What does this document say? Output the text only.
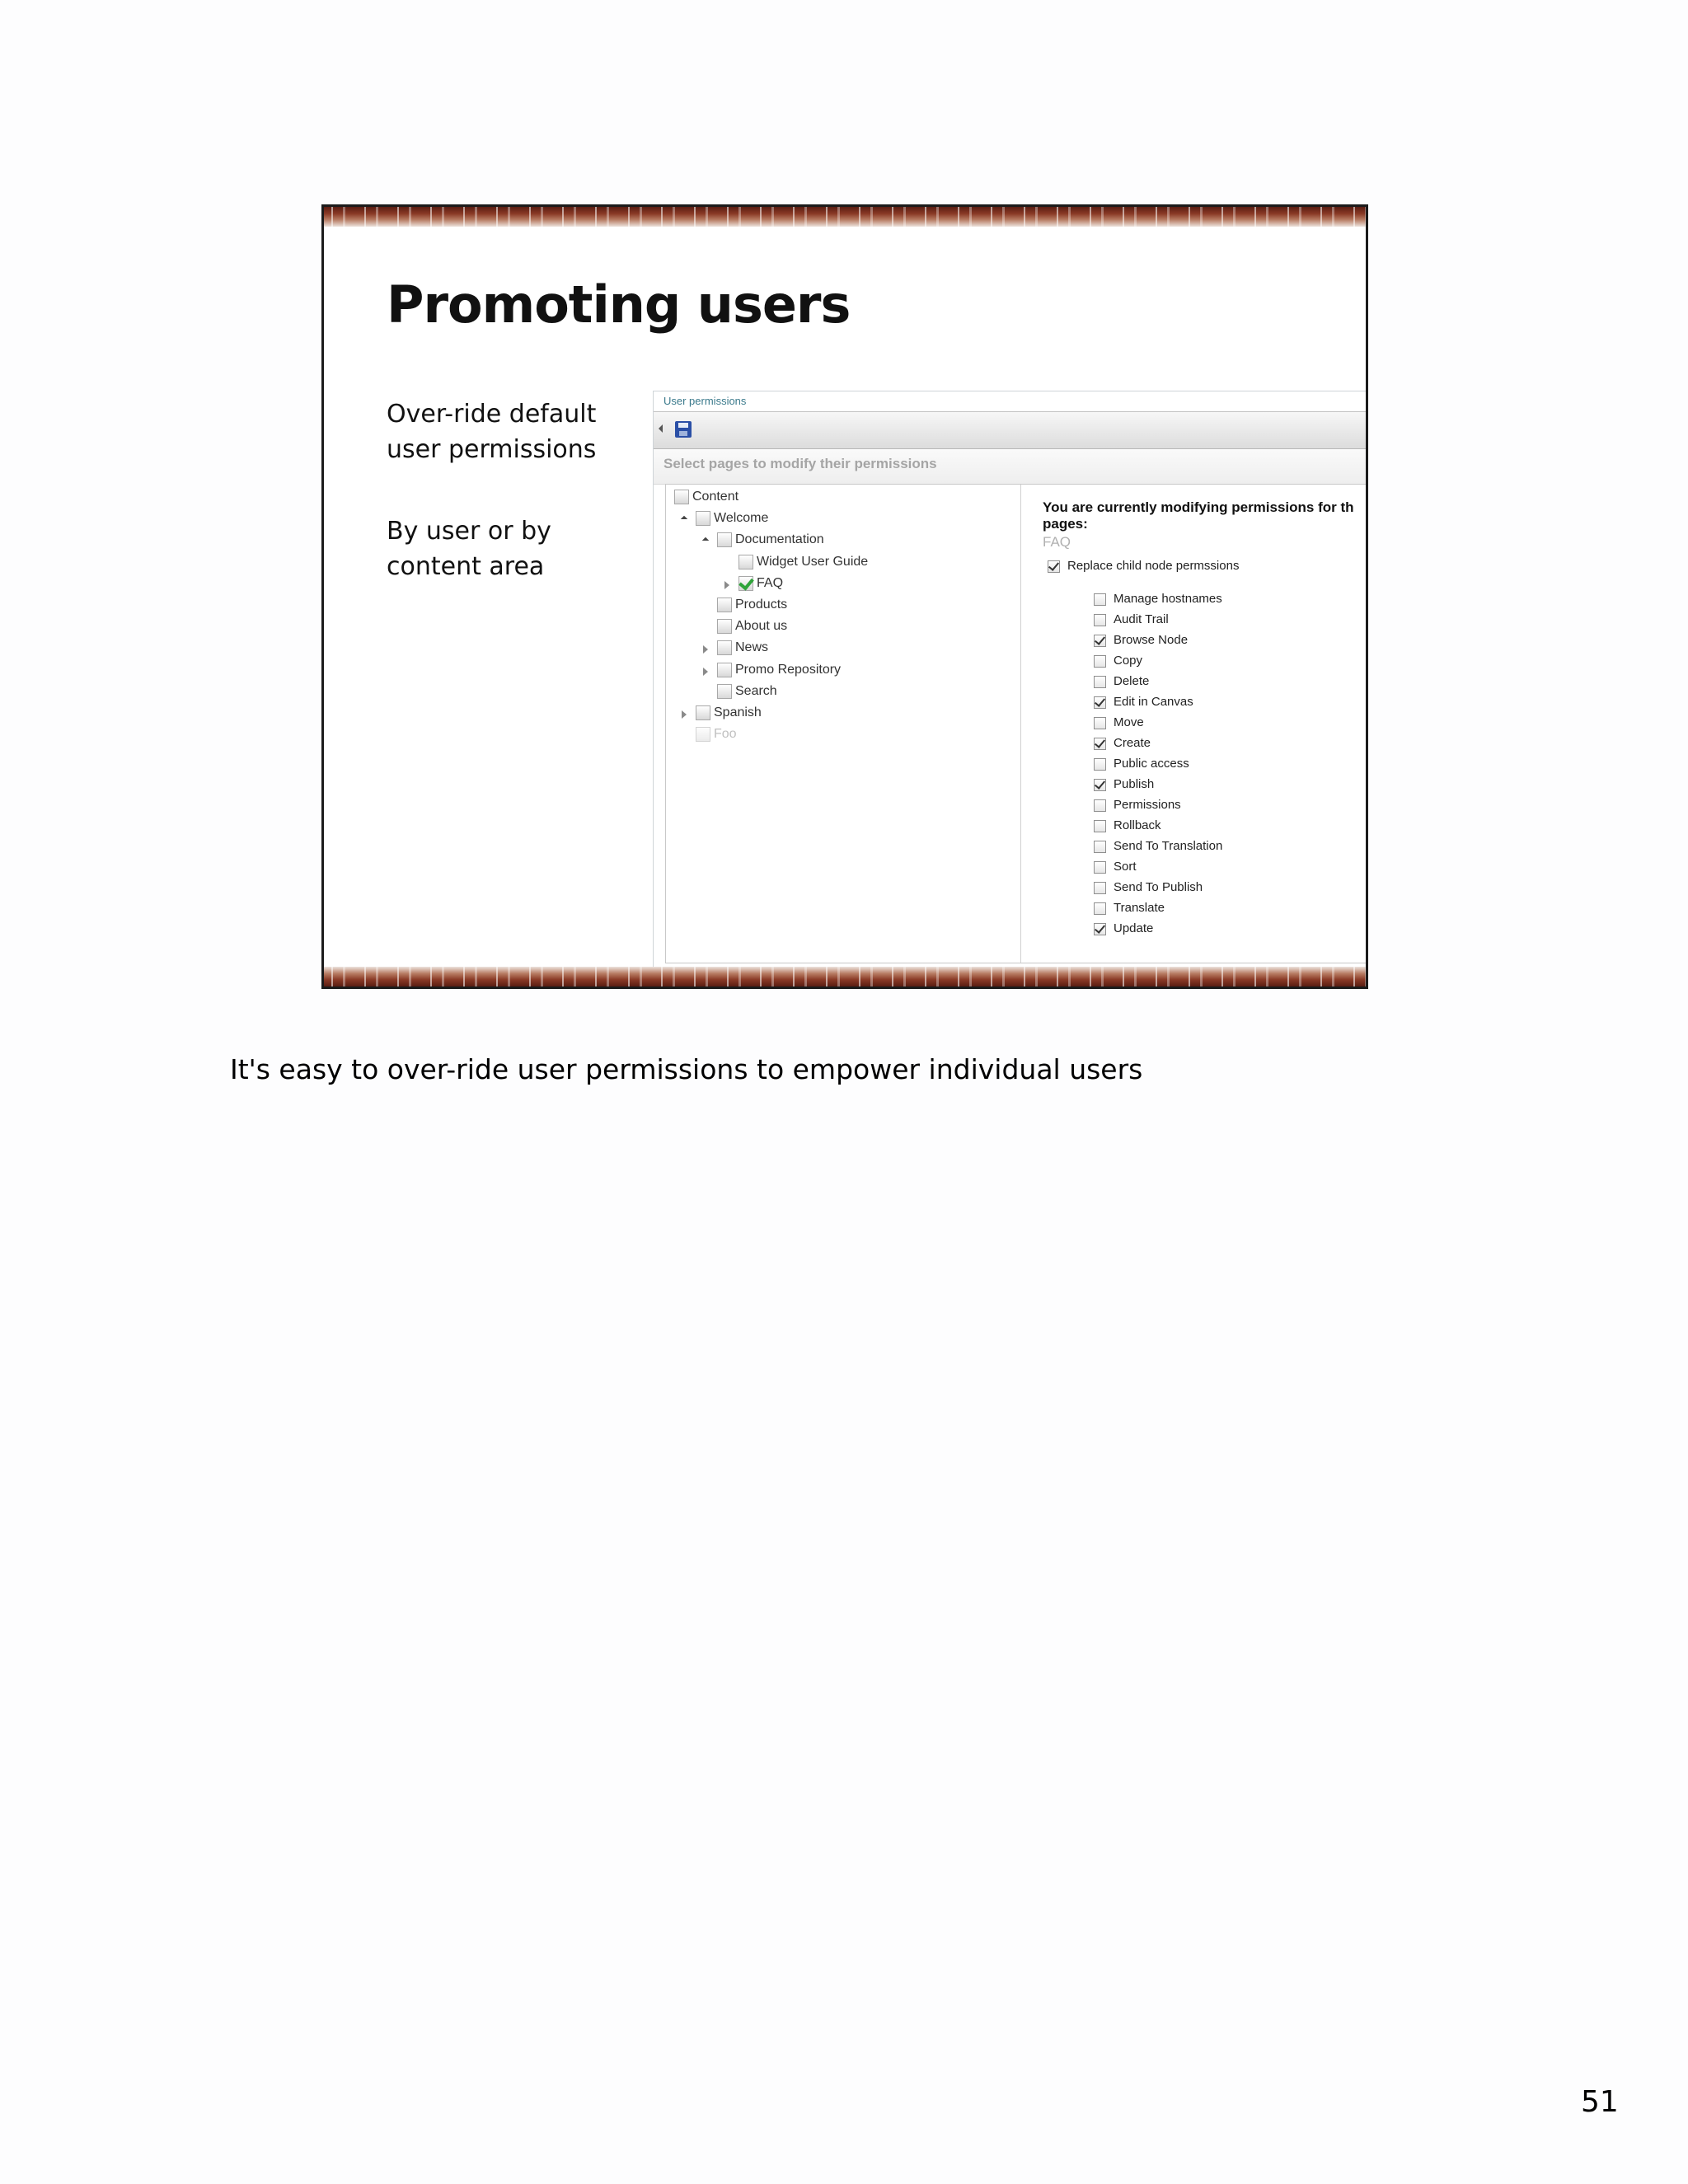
Promoting users

Over-ride default user permissions

By user or by content area

User permissions
Select pages to modify their permissions
Content
Welcome
Documentation
Widget User Guide
FAQ
Products
About us
News
Promo Repository
Search
Spanish
Foo
You are currently modifying permissions for th
pages:
FAQ
Replace child node permssions
Manage hostnames
Audit Trail
Browse Node
Copy
Delete
Edit in Canvas
Move
Create
Public access
Publish
Permissions
Rollback
Send To Translation
Sort
Send To Publish
Translate
Update

It's easy to over-ride user permissions to empower individual users

51
